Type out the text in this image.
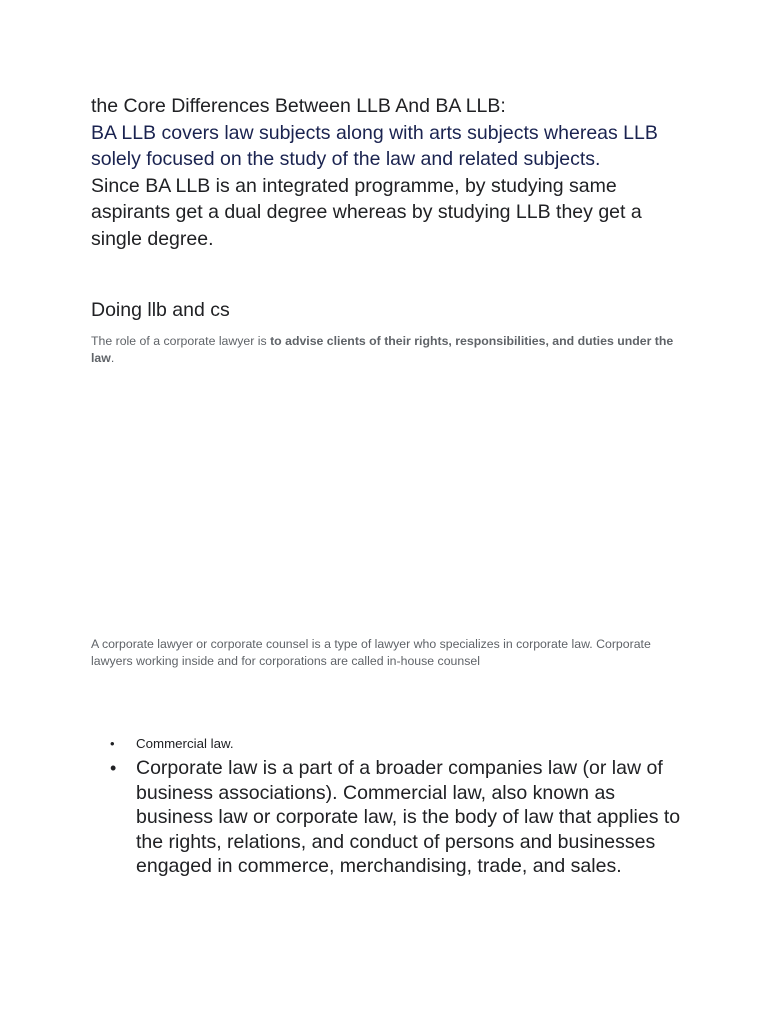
the Core Differences Between LLB And BA LLB:
BA LLB covers law subjects along with arts subjects whereas LLB solely focused on the study of the law and related subjects.
Since BA LLB is an integrated programme, by studying same aspirants get a dual degree whereas by studying LLB they get a single degree.
Doing llb and cs
The role of a corporate lawyer is to advise clients of their rights, responsibilities, and duties under the law.
A corporate lawyer or corporate counsel is a type of lawyer who specializes in corporate law. Corporate lawyers working inside and for corporations are called in-house counsel
• Commercial law.
• Corporate law is a part of a broader companies law (or law of business associations). Commercial law, also known as business law or corporate law, is the body of law that applies to the rights, relations, and conduct of persons and businesses engaged in commerce, merchandising, trade, and sales.
